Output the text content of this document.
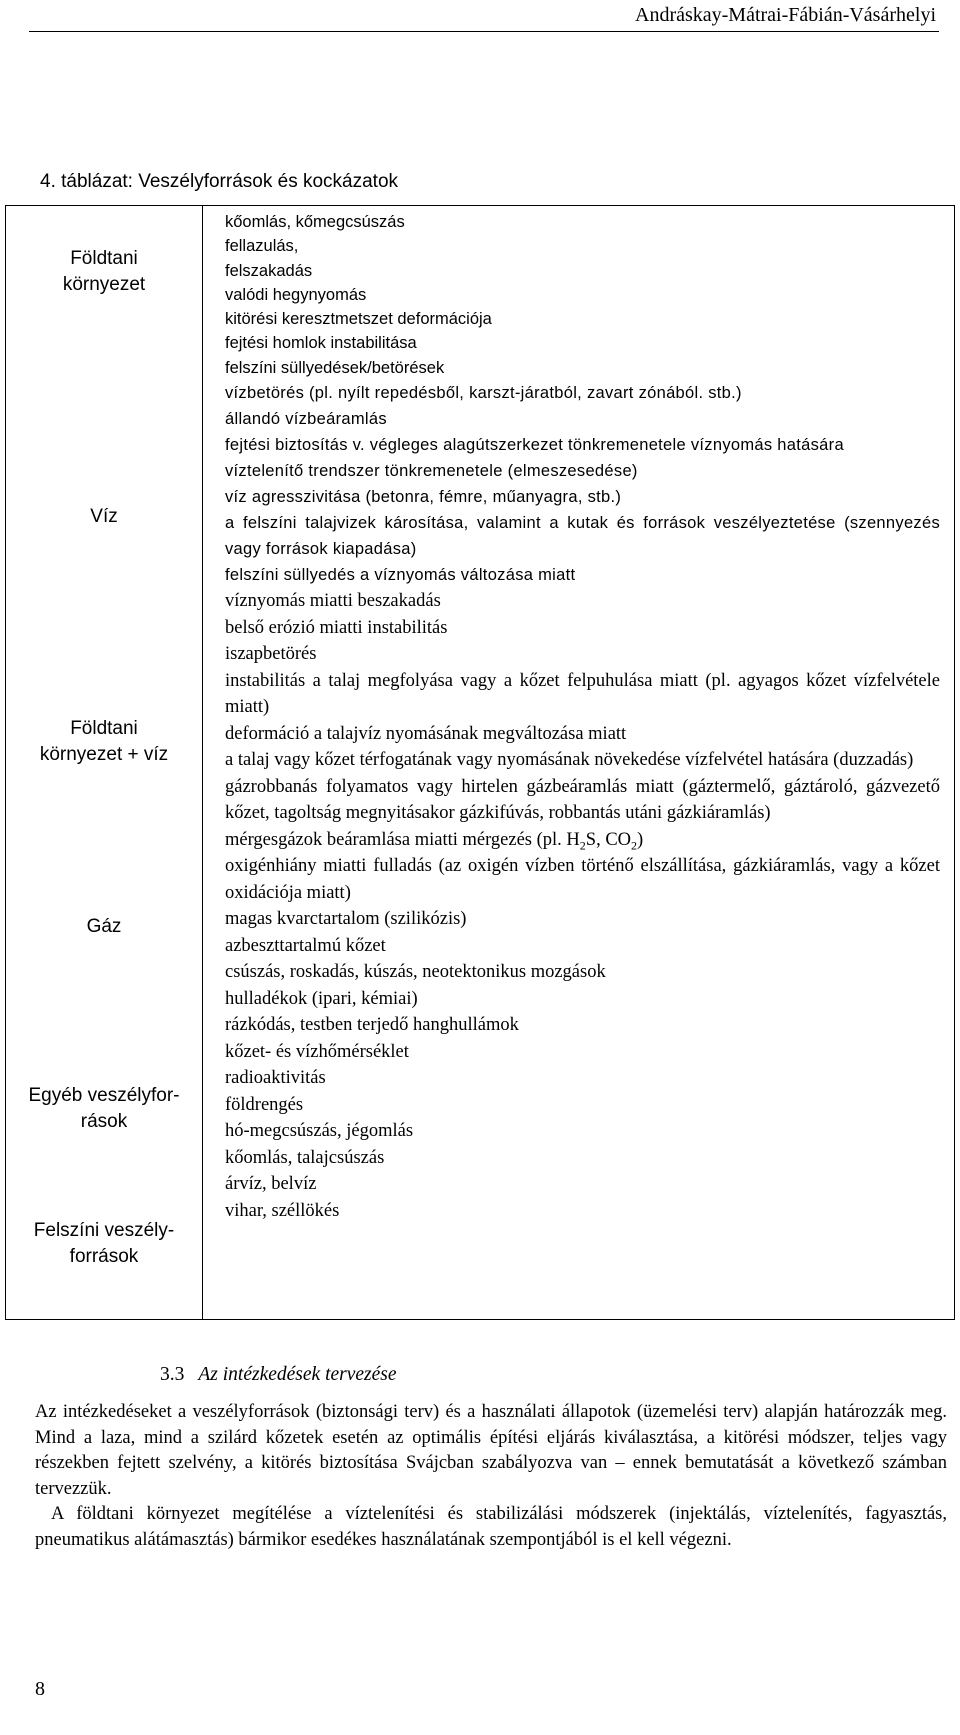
Andráskay-Mátrai-Fábián-Vásárhelyi
4. táblázat: Veszélyforrások és kockázatok
Földtani
környezet
Víz
Földtani
környezet + víz
Gáz
Egyéb veszélyfor-
rások
Felszíni veszély-
források
kőomlás, kőmegcsúszás
fellazulás,
felszakadás
valódi hegynyomás
kitörési keresztmetszet deformációja
fejtési homlok instabilitása
felszíni süllyedések/betörések
vízbetörés (pl. nyílt repedésből, karszt-járatból, zavart zónából. stb.)
állandó vízbeáramlás
fejtési biztosítás v. végleges alagútszerkezet tönkremenetele víznyomás hatására
víztelenítő trendszer tönkremenetele (elmeszesedése)
víz agresszivitása (betonra, fémre, műanyagra, stb.)
a felszíni talajvizek károsítása, valamint a kutak és források veszélyeztetése (szennyezés vagy források kiapadása)
felszíni süllyedés a víznyomás változása miatt
víznyomás miatti beszakadás
belső erózió miatti instabilitás
iszapbetörés
instabilitás a talaj megfolyása vagy a kőzet felpuhulása miatt (pl. agyagos kőzet vízfelvétele miatt)
deformáció a talajvíz nyomásának megváltozása miatt
a talaj vagy kőzet térfogatának vagy nyomásának növekedése vízfelvétel hatására (duzzadás)
gázrobbanás folyamatos vagy hirtelen gázbeáramlás miatt (gáztermelő, gáztároló, gázvezető kőzet, tagoltság megnyitásakor gázkifúvás, robbantás utáni gázkiáramlás)
mérgesgázok beáramlása miatti mérgezés (pl. $H_2S$, $CO_2$)
oxigénhiány miatti fulladás (az oxigén vízben történő elszállítása, gázkiáramlás, vagy a kőzet oxidációja miatt)
magas kvarctartalom (szilikózis)
azbeszttartalmú kőzet
csúszás, roskadás, kúszás, neotektonikus mozgások
hulladékok (ipari, kémiai)
rázkódás, testben terjedő hanghullámok
kőzet- és vízhőmérséklet
radioaktivitás
földrengés
hó-megcsúszás, jégomlás
kőomlás, talajcsúszás
árvíz, belvíz
vihar, széllökés
3.3 Az intézkedések tervezése

Az intézkedéseket a veszélyforrások (biztonsági terv) és a használati állapotok (üzemelési terv) alapján határozzák meg. Mind a laza, mind a szilárd kőzetek esetén az optimális építési eljárás kiválasztása, a kitörési módszer, teljes vagy részekben fejtett szelvény, a kitörés biztosítása Svájcban szabályozva van – ennek bemutatását a következő számban tervezzük.

A földtani környezet megítélése a víztelenítési és stabilizálási módszerek (injektálás, víztelenítés, fagyasztás, pneumatikus alátámasztás) bármikor esedékes használatának szempontjából is el kell végezni.

8
